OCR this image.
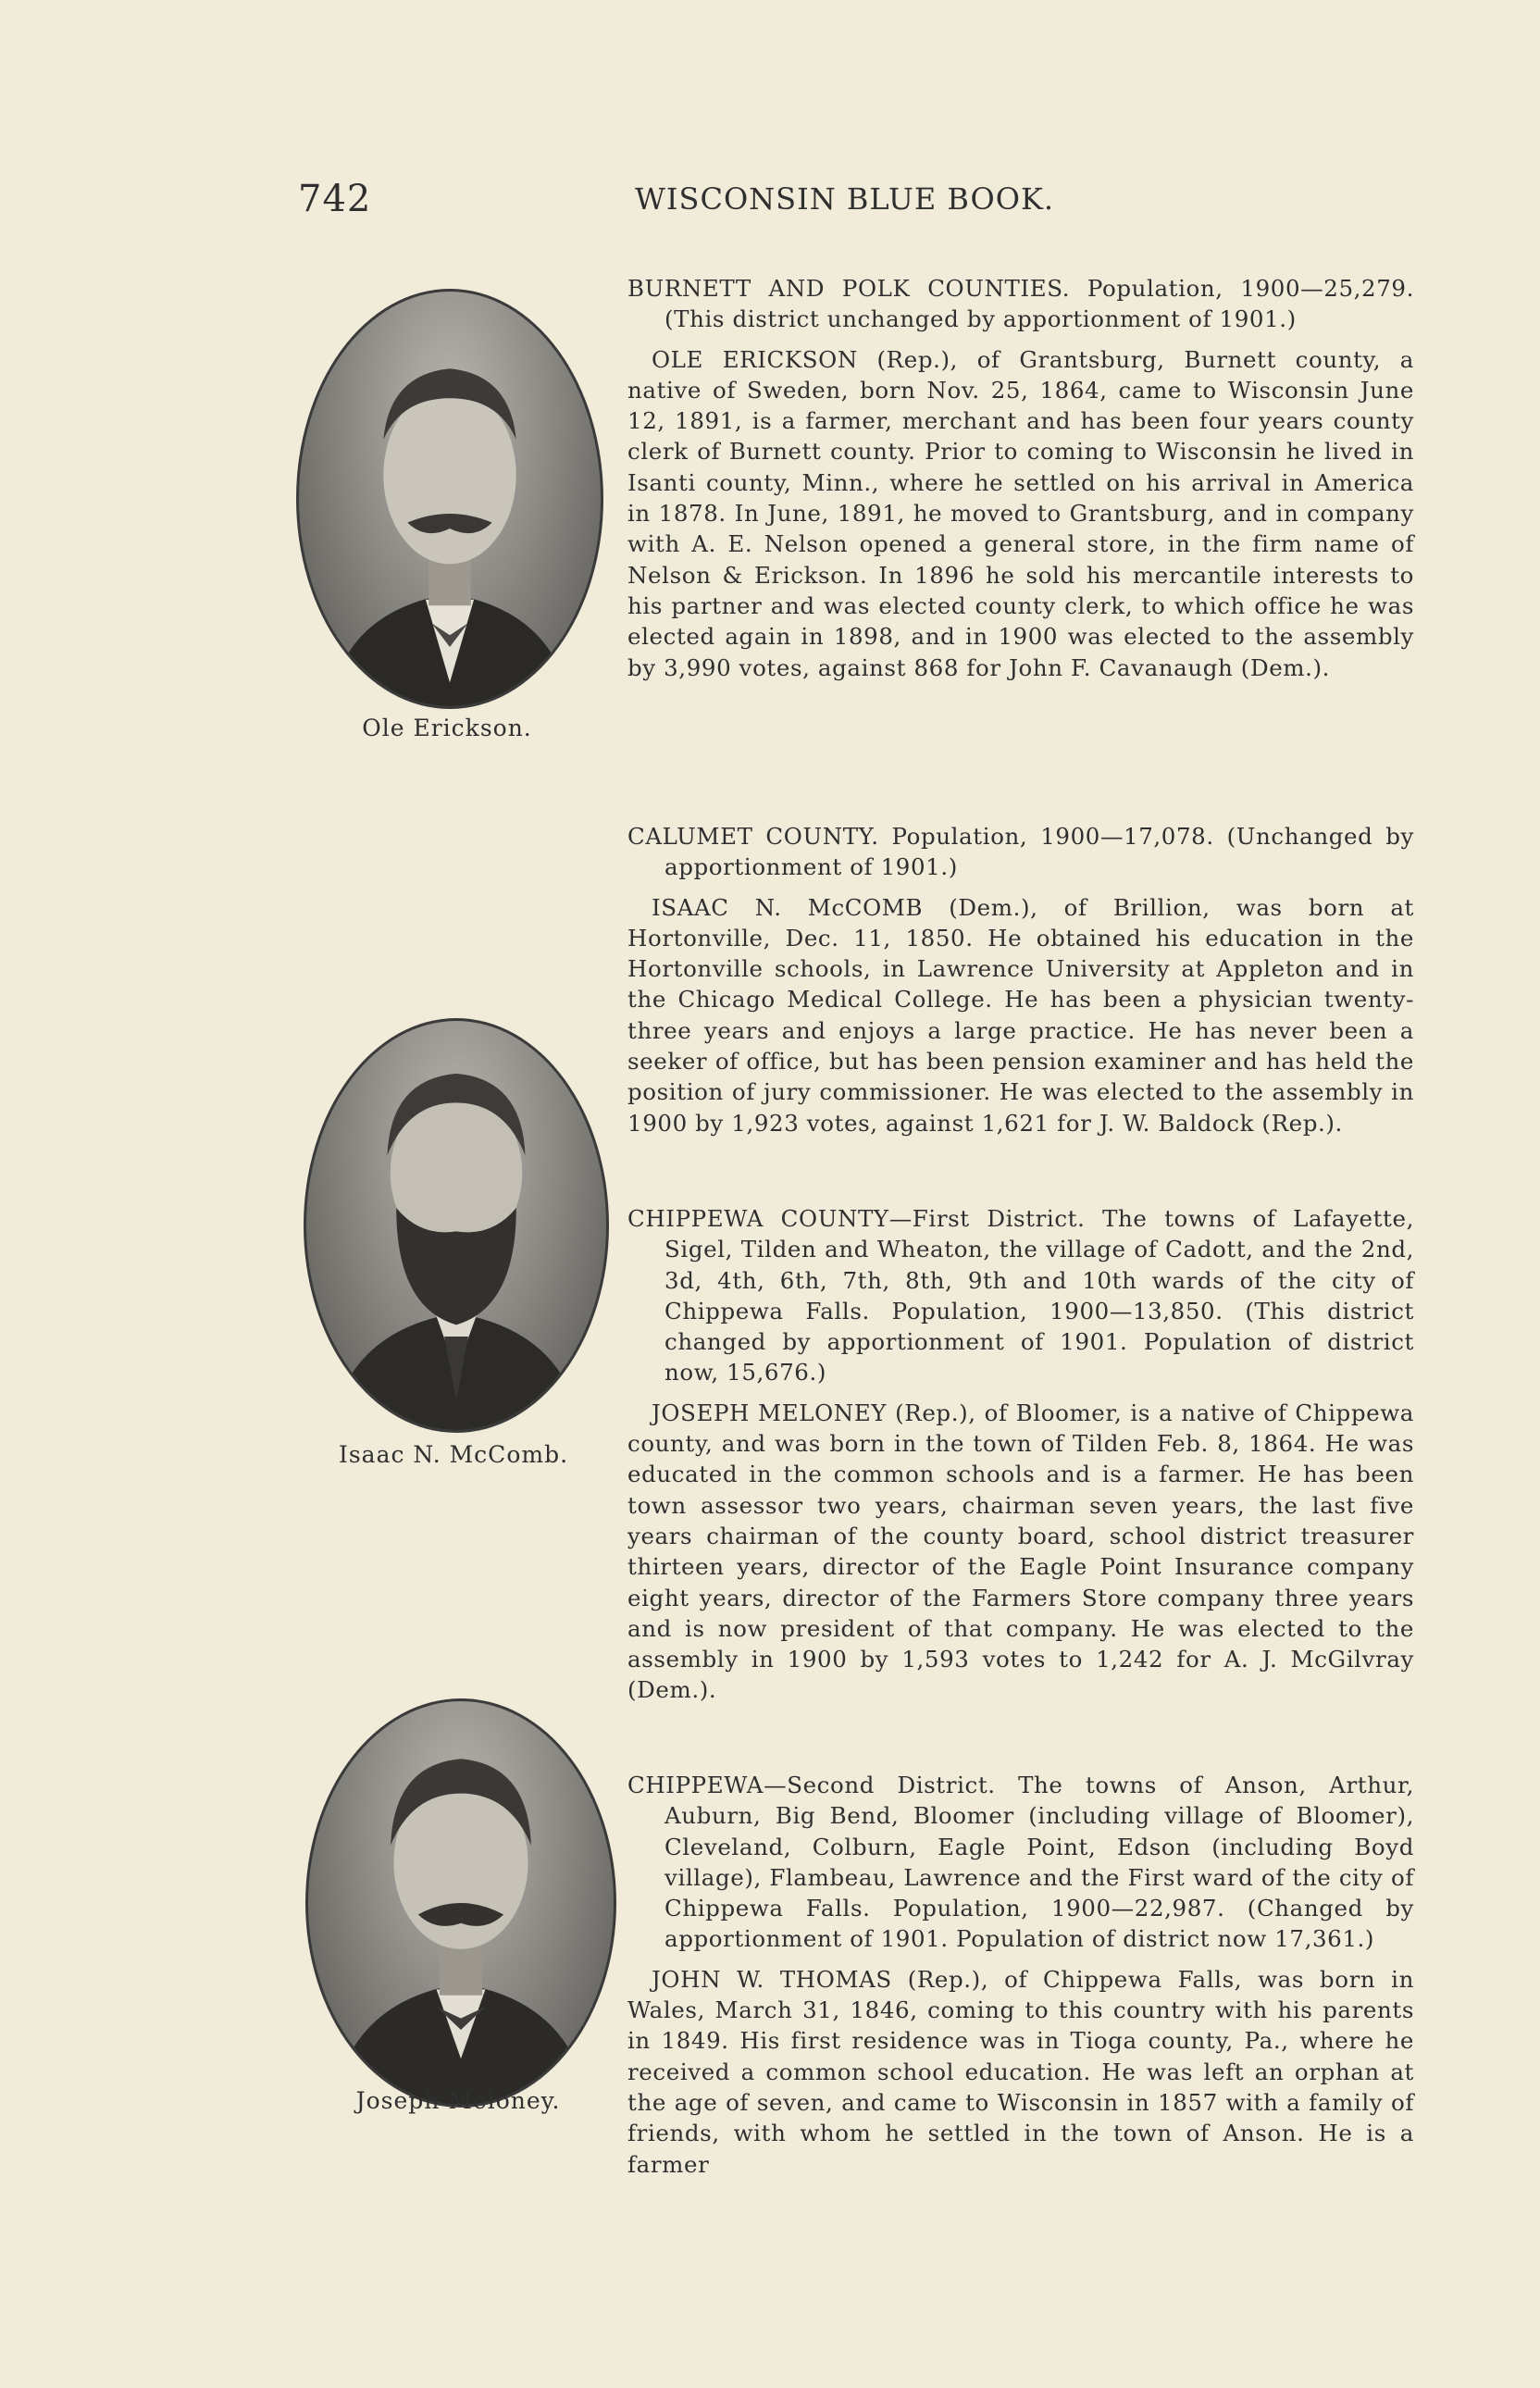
742	WISCONSIN BLUE BOOK.
Ole Erickson.
Isaac N. McComb.
Joseph Meloney.

BURNETT AND POLK COUNTIES. Population, 1900—25,279. (This district unchanged by apportionment of 1901.)

OLE ERICKSON (Rep.), of Grantsburg, Burnett county, a native of Sweden, born Nov. 25, 1864, came to Wisconsin June 12, 1891, is a farmer, merchant and has been four years county clerk of Burnett county. Prior to coming to Wisconsin he lived in Isanti county, Minn., where he settled on his arrival in America in 1878. In June, 1891, he moved to Grantsburg, and in company with A. E. Nelson opened a general store, in the firm name of Nelson & Erickson. In 1896 he sold his mercantile interests to his partner and was elected county clerk, to which office he was elected again in 1898, and in 1900 was elected to the assembly by 3,990 votes, against 868 for John F. Cavanaugh (Dem.).

CALUMET COUNTY. Population, 1900—17,078. (Unchanged by apportionment of 1901.)

ISAAC N. McCOMB (Dem.), of Brillion, was born at Hortonville, Dec. 11, 1850. He obtained his education in the Hortonville schools, in Lawrence University at Appleton and in the Chicago Medical College. He has been a physician twenty-three years and enjoys a large practice. He has never been a seeker of office, but has been pension examiner and has held the position of jury commissioner. He was elected to the assembly in 1900 by 1,923 votes, against 1,621 for J. W. Baldock (Rep.).

CHIPPEWA COUNTY—First District. The towns of Lafayette, Sigel, Tilden and Wheaton, the village of Cadott, and the 2nd, 3d, 4th, 6th, 7th, 8th, 9th and 10th wards of the city of Chippewa Falls. Population, 1900—13,850. (This district changed by apportionment of 1901. Population of district now, 15,676.)

JOSEPH MELONEY (Rep.), of Bloomer, is a native of Chippewa county, and was born in the town of Tilden Feb. 8, 1864. He was educated in the common schools and is a farmer. He has been town assessor two years, chairman seven years, the last five years chairman of the county board, school district treasurer thirteen years, director of the Eagle Point Insurance company eight years, director of the Farmers Store company three years and is now president of that company. He was elected to the assembly in 1900 by 1,593 votes to 1,242 for A. J. McGilvray (Dem.).

CHIPPEWA—Second District. The towns of Anson, Arthur, Auburn, Big Bend, Bloomer (including village of Bloomer), Cleveland, Colburn, Eagle Point, Edson (including Boyd village), Flambeau, Lawrence and the First ward of the city of Chippewa Falls. Population, 1900—22,987. (Changed by apportionment of 1901. Population of district now 17,361.)

JOHN W. THOMAS (Rep.), of Chippewa Falls, was born in Wales, March 31, 1846, coming to this country with his parents in 1849. His first residence was in Tioga county, Pa., where he received a common school education. He was left an orphan at the age of seven, and came to Wisconsin in 1857 with a family of friends, with whom he settled in the town of Anson. He is a farmer
